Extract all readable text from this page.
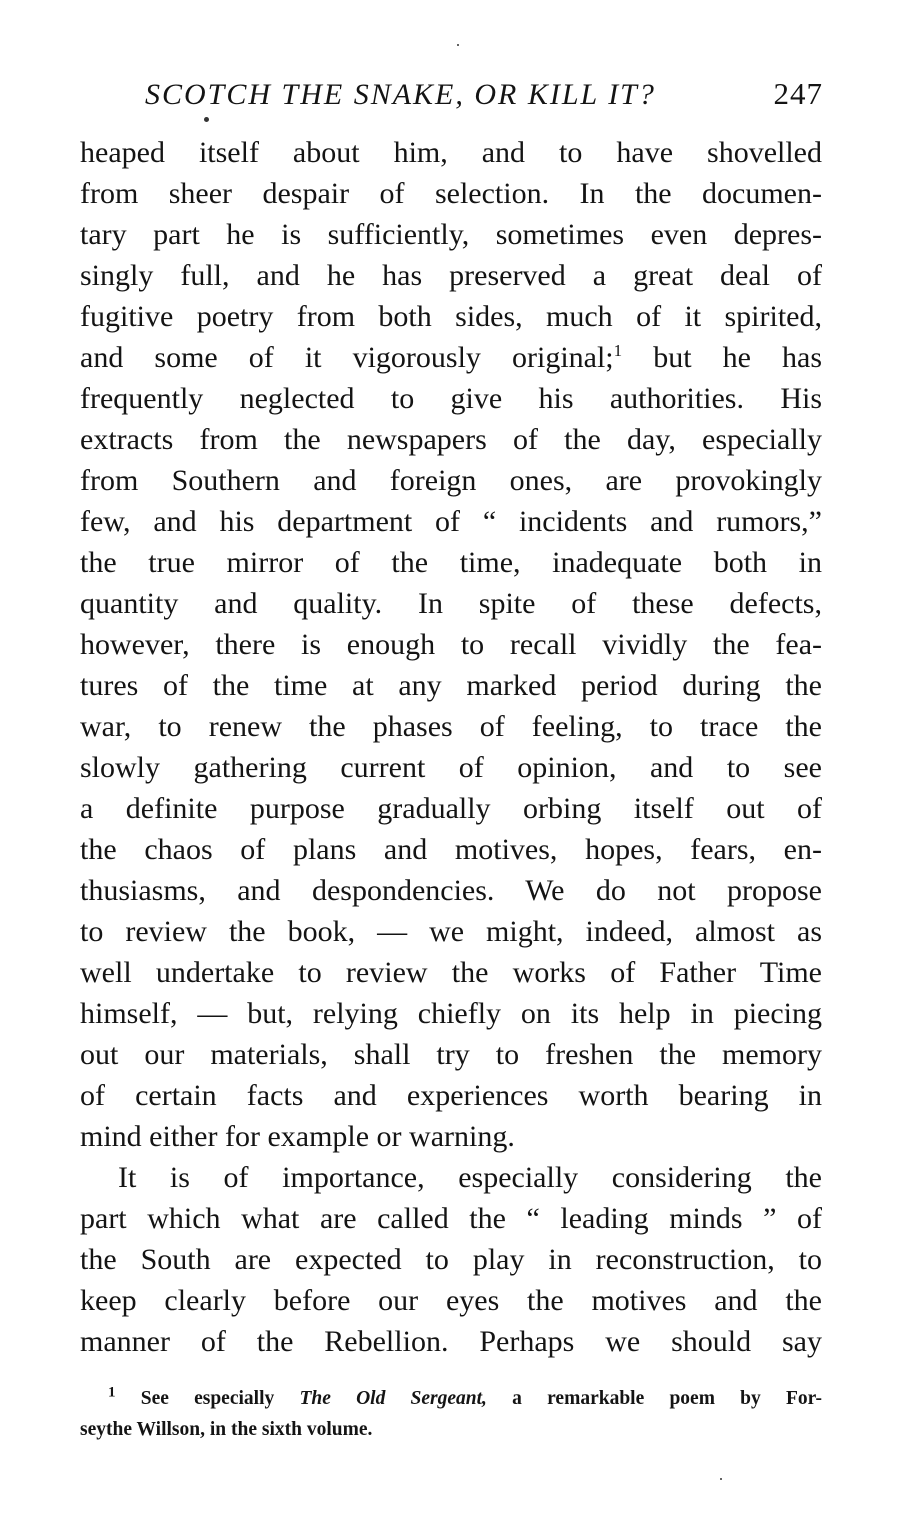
SCOTCH THE SNAKE, OR KILL IT?	247
heaped itself about him, and to have shovelled
from sheer despair of selection. In the documen-
tary part he is sufficiently, sometimes even depres-
singly full, and he has preserved a great deal of
fugitive poetry from both sides, much of it spirited,
and some of it vigorously original;$^1$ but he has
frequently neglected to give his authorities. His
extracts from the newspapers of the day, especially
from Southern and foreign ones, are provokingly
few, and his department of “ incidents and rumors,”
the true mirror of the time, inadequate both in
quantity and quality. In spite of these defects,
however, there is enough to recall vividly the fea-
tures of the time at any marked period during the
war, to renew the phases of feeling, to trace the
slowly gathering current of opinion, and to see
a definite purpose gradually orbing itself out of
the chaos of plans and motives, hopes, fears, en-
thusiasms, and despondencies. We do not propose
to review the book, — we might, indeed, almost as
well undertake to review the works of Father Time
himself, — but, relying chiefly on its help in piecing
out our materials, shall try to freshen the memory
of certain facts and experiences worth bearing in
mind either for example or warning.
It is of importance, especially considering the
part which what are called the “ leading minds ” of
the South are expected to play in reconstruction, to
keep clearly before our eyes the motives and the
manner of the Rebellion. Perhaps we should say
$^1$ See especially The Old Sergeant, a remarkable poem by For-
seythe Willson, in the sixth volume.
